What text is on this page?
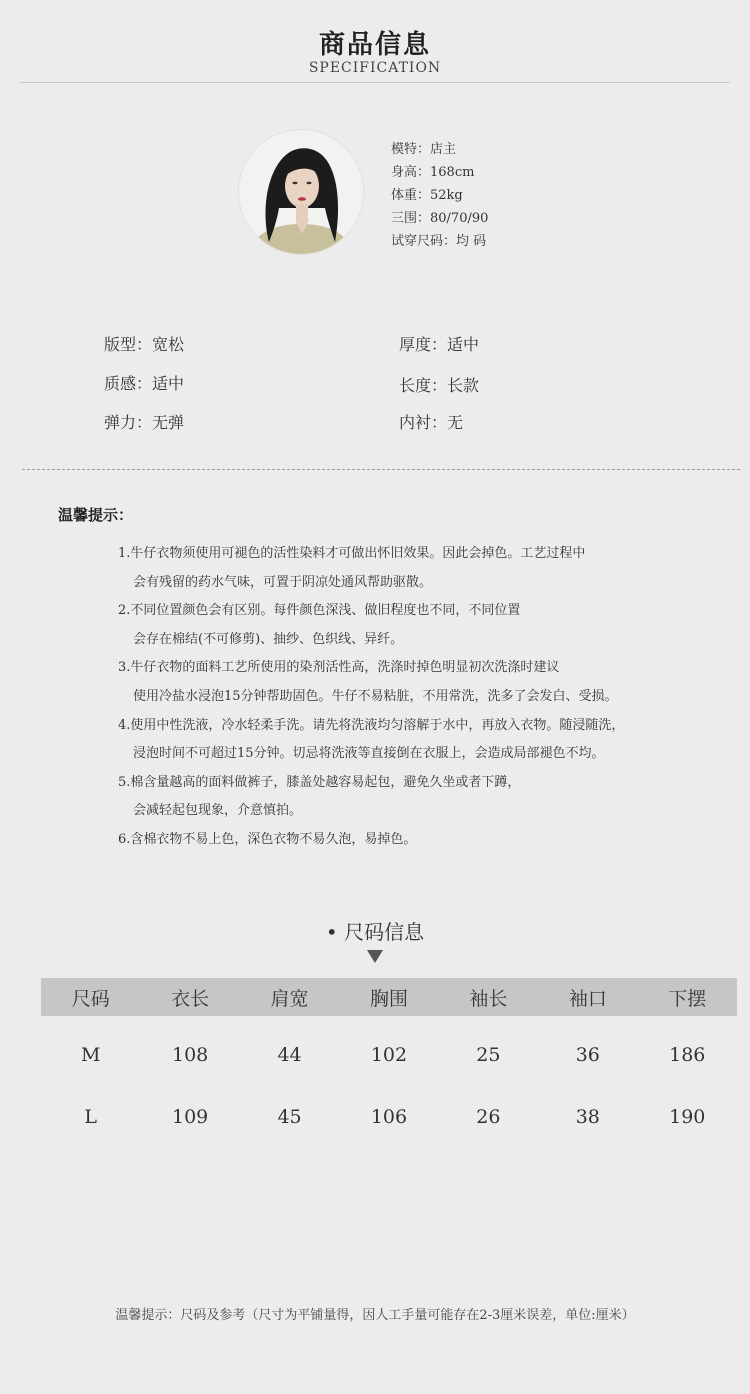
商品信息
SPECIFICATION
模特：店主
身高：168cm
体重：52kg
三围：80/70/90
试穿尺码：均 码
版型：宽松	厚度：适中
质感：适中	长度：长款
弹力：无弹	内衬：无
温馨提示：
1.牛仔衣物须使用可褪色的活性染料才可做出怀旧效果。因此会掉色。工艺过程中
会有残留的药水气味，可置于阴凉处通风帮助驱散。
2.不同位置颜色会有区别。每件颜色深浅、做旧程度也不同，不同位置
会存在棉结(不可修剪)、抽纱、色织线、异纤。
3.牛仔衣物的面料工艺所使用的染剂活性高，洗涤时掉色明显初次洗涤时建议
使用冷盐水浸泡15分钟帮助固色。牛仔不易粘脏，不用常洗，洗多了会发白、受损。
4.使用中性洗液，冷水轻柔手洗。请先将洗液均匀溶解于水中，再放入衣物。随浸随洗，
浸泡时间不可超过15分钟。切忌将洗液等直接倒在衣服上，会造成局部褪色不均。
5.棉含量越高的面料做裤子，膝盖处越容易起包，避免久坐或者下蹲，
会减轻起包现象，介意慎拍。
6.含棉衣物不易上色，深色衣物不易久泡，易掉色。
• 尺码信息
尺码	衣长	肩宽	胸围	袖长	袖口	下摆
M	108	44	102	25	36	186
L	109	45	106	26	38	190
温馨提示：尺码及参考（尺寸为平铺量得，因人工手量可能存在2-3厘米误差，单位:厘米）
